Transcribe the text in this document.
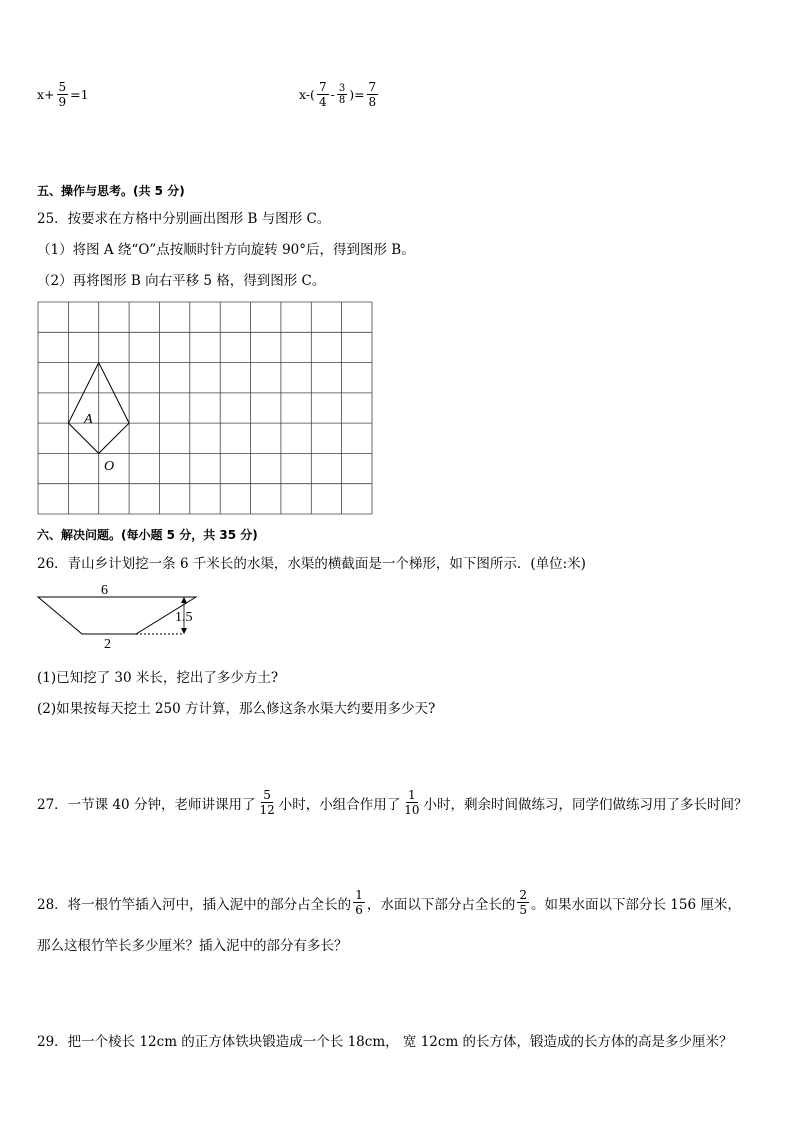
$x+ \frac{5}{9} =1$	$x-( \frac{7}{4} - \frac{3}{8}$ )= $\frac{7}{8}$
五、操作与思考。(共 5 分)
25．按要求在方格中分别画出图形 B 与图形 C。
（1）将图 A 绕“O”点按顺时针方向旋转 90°后，得到图形 B。
（2）再将图形 B 向右平移 5 格，得到图形 C。
A
O
六、解决问题。(每小题 5 分，共 35 分)
26．青山乡计划挖一条 6 千米长的水渠，水渠的横截面是一个梯形，如下图所示．(单位:米)
6
2
1.5
(1)已知挖了 30 米长，挖出了多少方土?
(2)如果按每天挖土 250 方计算，那么修这条水渠大约要用多少天?
27．一节课 40 分钟，老师讲课用了 $\frac{5}{12}$ 小时，小组合作用了 $\frac{1}{10}$ 小时，剩余时间做练习，同学们做练习用了多长时间？
28．将一根竹竿插入河中，插入泥中的部分占全长的 $\frac{1}{6}$ ，水面以下部分占全长的 $\frac{2}{5}$ 。如果水面以下部分长 156 厘米，
那么这根竹竿长多少厘米？插入泥中的部分有多长？
29．把一个棱长 12cm 的正方体铁块锻造成一个长 18cm， 宽 12cm 的长方体，锻造成的长方体的高是多少厘米？
